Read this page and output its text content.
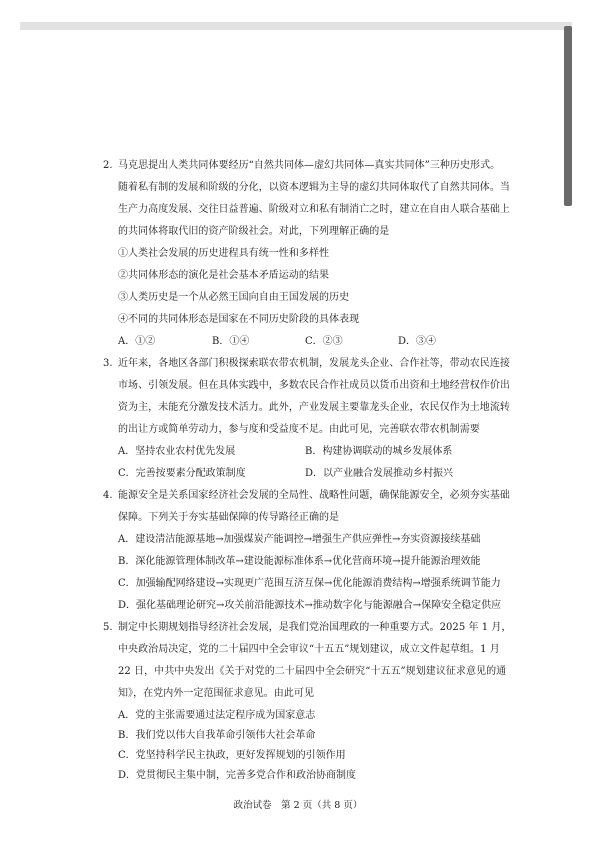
2. 马克思提出人类共同体要经历“自然共同体—虚幻共同体—真实共同体”三种历史形式。
随着私有制的发展和阶级的分化，以资本逻辑为主导的虚幻共同体取代了自然共同体。当
生产力高度发展、交往日益普遍、阶级对立和私有制消亡之时，建立在自由人联合基础上
的共同体将取代旧的资产阶级社会。对此，下列理解正确的是
①人类社会发展的历史进程具有统一性和多样性
②共同体形态的演化是社会基本矛盾运动的结果
③人类历史是一个从必然王国向自由王国发展的历史
④不同的共同体形态是国家在不同历史阶段的具体表现
A．①②	B．①④	C．②③	D．③④
3. 近年来，各地区各部门积极探索联农带农机制，发展龙头企业、合作社等，带动农民连接
市场、引领发展。但在具体实践中，多数农民合作社成员以货币出资和土地经营权作价出
资为主，未能充分激发技术活力。此外，产业发展主要靠龙头企业，农民仅作为土地流转
的出让方或简单劳动力，参与度和受益度不足。由此可见，完善联农带农机制需要
A．坚持农业农村优先发展	B．构建协调联动的城乡发展体系
C．完善按要素分配政策制度	D．以产业融合发展推动乡村振兴
4. 能源安全是关系国家经济社会发展的全局性、战略性问题，确保能源安全，必须夯实基础
保障。下列关于夯实基础保障的传导路径正确的是
A．建设清洁能源基地→加强煤炭产能调控→增强生产供应弹性→夯实资源接续基础
B．深化能源管理体制改革→建设能源标准体系→优化营商环境→提升能源治理效能
C．加强输配网络建设→实现更广范围互济互保→优化能源消费结构→增强系统调节能力
D．强化基础理论研究→攻关前沿能源技术→推动数字化与能源融合→保障安全稳定供应
5. 制定中长期规划指导经济社会发展，是我们党治国理政的一种重要方式。2025 年 1 月，
中央政治局决定，党的二十届四中全会审议“十五五”规划建议，成立文件起草组。1 月
22 日，中共中央发出《关于对党的二十届四中全会研究“十五五”规划建议征求意见的通
知》，在党内外一定范围征求意见。由此可见
A．党的主张需要通过法定程序成为国家意志
B．我们党以伟大自我革命引领伟大社会革命
C．党坚持科学民主执政，更好发挥规划的引领作用
D．党贯彻民主集中制，完善多党合作和政治协商制度
政治试卷　第 2 页（共 8 页）
